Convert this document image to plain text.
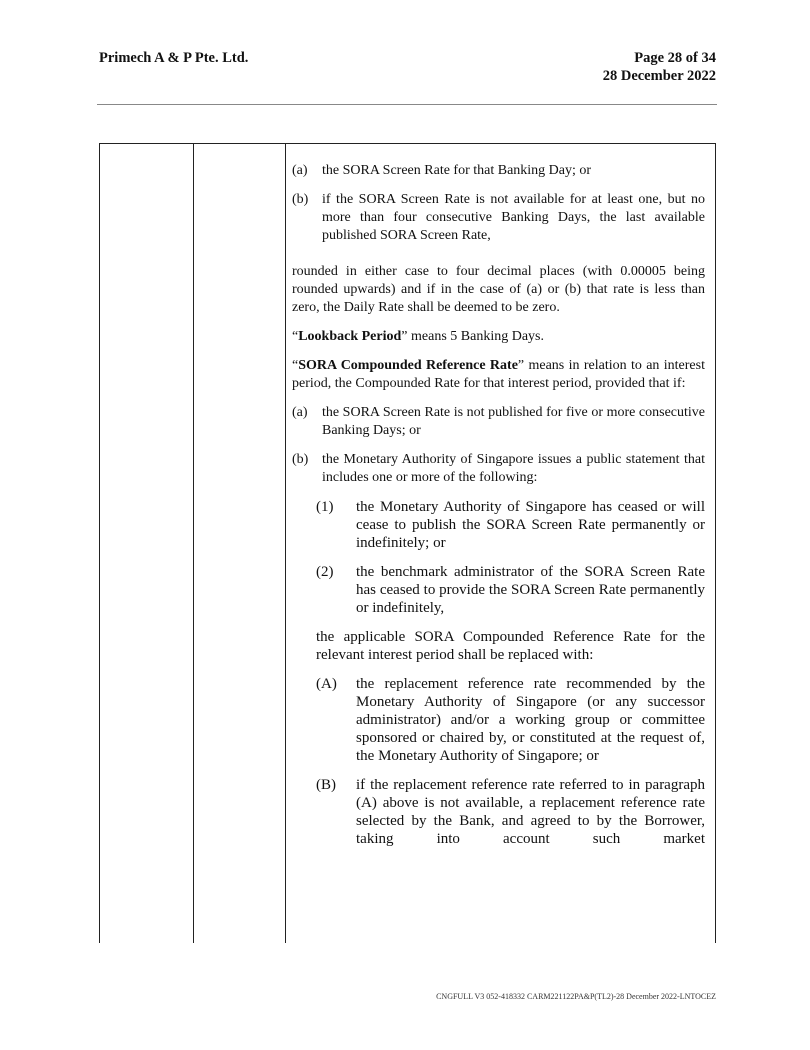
Primech A & P Pte. Ltd.	Page 28 of 34
28 December 2022
(a)	the SORA Screen Rate for that Banking Day; or
(b) if the SORA Screen Rate is not available for at least one, but no more than four consecutive Banking Days, the last available published SORA Screen Rate,

rounded in either case to four decimal places (with 0.00005 being rounded upwards) and if in the case of (a) or (b) that rate is less than zero, the Daily Rate shall be deemed to be zero.

“Lookback Period” means 5 Banking Days.

“SORA Compounded Reference Rate” means in relation to an interest period, the Compounded Rate for that interest period, provided that if:

(a)	the SORA Screen Rate is not published for five or more consecutive Banking Days; or
(b) the Monetary Authority of Singapore issues a public statement that includes one or more of the following:
(1)	the Monetary Authority of Singapore has ceased or will cease to publish the SORA Screen Rate permanently or indefinitely; or
(2)	the benchmark administrator of the SORA Screen Rate has ceased to provide the SORA Screen Rate permanently or indefinitely,

the applicable SORA Compounded Reference Rate for the relevant interest period shall be replaced with:

(A)	the replacement reference rate recommended by the Monetary Authority of Singapore (or any successor administrator) and/or a working group or committee sponsored or chaired by, or constituted at the request of, the Monetary Authority of Singapore; or
(B)	if the replacement reference rate referred to in paragraph (A) above is not available, a replacement reference rate selected by the Bank, and agreed to by the Borrower, taking into account such market
CNGFULL V3 052-418332 CARM221122PA&P(TL2)-28 December 2022-LNTOCEZ
